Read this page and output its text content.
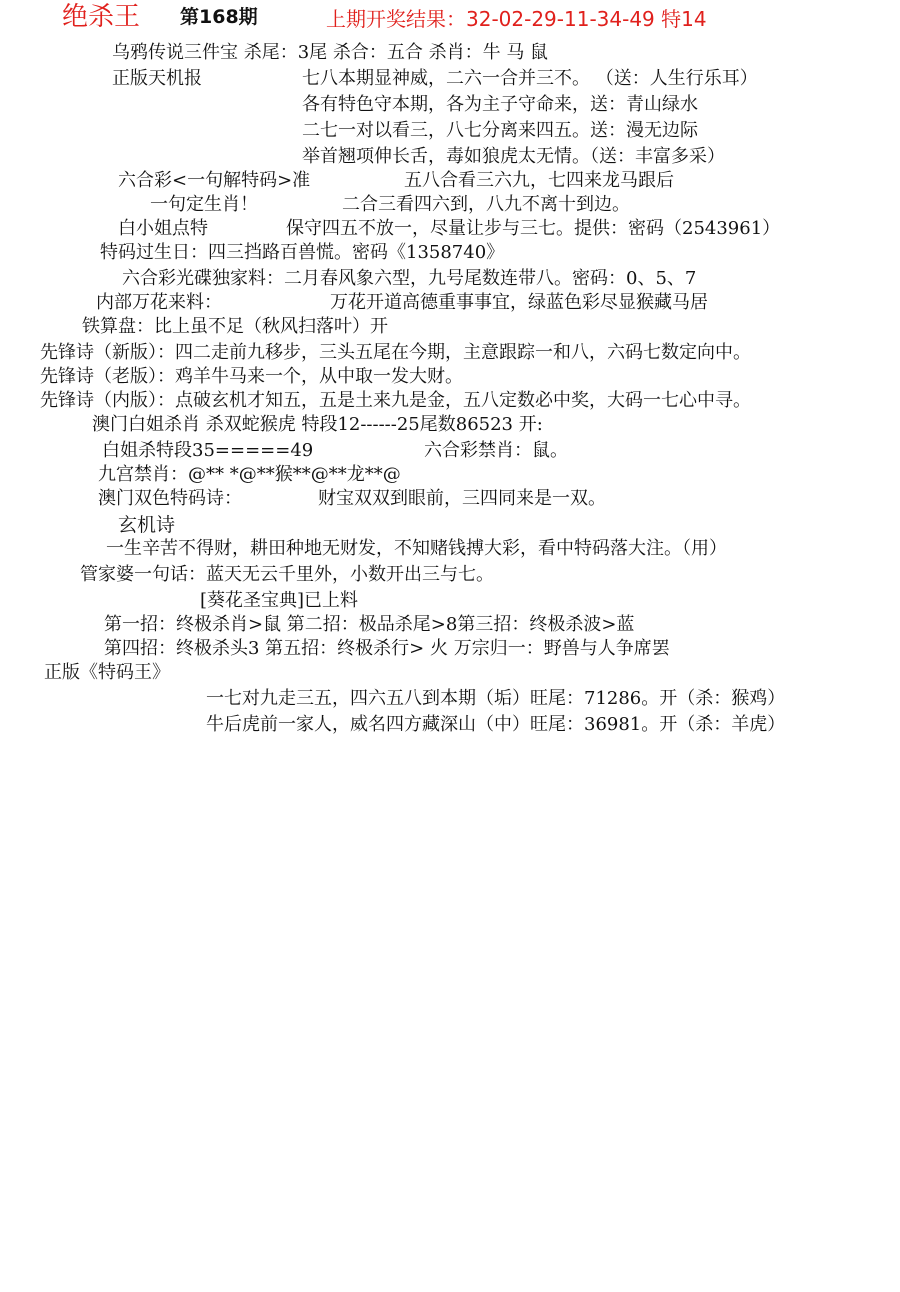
绝杀王 第168期	上期开奖结果：32-02-29-11-34-49 特14
乌鸦传说三件宝 杀尾：3尾 杀合：五合 杀肖：牛 马 鼠
正版天机报	七八本期显神威，二六一合并三不。 （送：人生行乐耳）
各有特色守本期，各为主子守命来，送：青山绿水
二七一对以看三，八七分离来四五。送：漫无边际
举首翘项伸长舌，毒如狼虎太无情。（送：丰富多采）
六合彩<一句解特码>准	五八合看三六九，七四来龙马跟后
一句定生肖！	二合三看四六到，八九不离十到边。
白小姐点特	保守四五不放一，尽量让步与三七。提供：密码（2543961）
特码过生日：四三挡路百兽慌。密码《1358740》
六合彩光碟独家料：二月春风象六型，九号尾数连带八。密码：0、5、7
内部万花来料：	万花开道高德重事事宜，绿蓝色彩尽显猴藏马居
铁算盘：比上虽不足（秋风扫落叶）开
先锋诗（新版）：四二走前九移步，三头五尾在今期，主意跟踪一和八，六码七数定向中。
先锋诗（老版）：鸡羊牛马来一个，从中取一发大财。
先锋诗（内版）：点破玄机才知五，五是土来九是金，五八定数必中奖，大码一七心中寻。
澳门白姐杀肖 杀双蛇猴虎 特段12------25尾数86523 开:
白姐杀特段35=====49	六合彩禁肖：鼠。
九宫禁肖：@** *@**猴**@**龙**@
澳门双色特码诗：	财宝双双到眼前，三四同来是一双。
玄机诗
一生辛苦不得财，耕田种地无财发，不知赌钱搏大彩，看中特码落大注。（用）
管家婆一句话：蓝天无云千里外，小数开出三与七。
[葵花圣宝典]已上料
第一招：终极杀肖>鼠 第二招：极品杀尾>8第三招：终极杀波>蓝
第四招：终极杀头3 第五招：终极杀行> 火 万宗归一：野兽与人争席罢
正版《特码王》
一七对九走三五，四六五八到本期（垢）旺尾：71286。开（杀：猴鸡）
牛后虎前一家人，威名四方藏深山（中）旺尾：36981。开（杀：羊虎）
